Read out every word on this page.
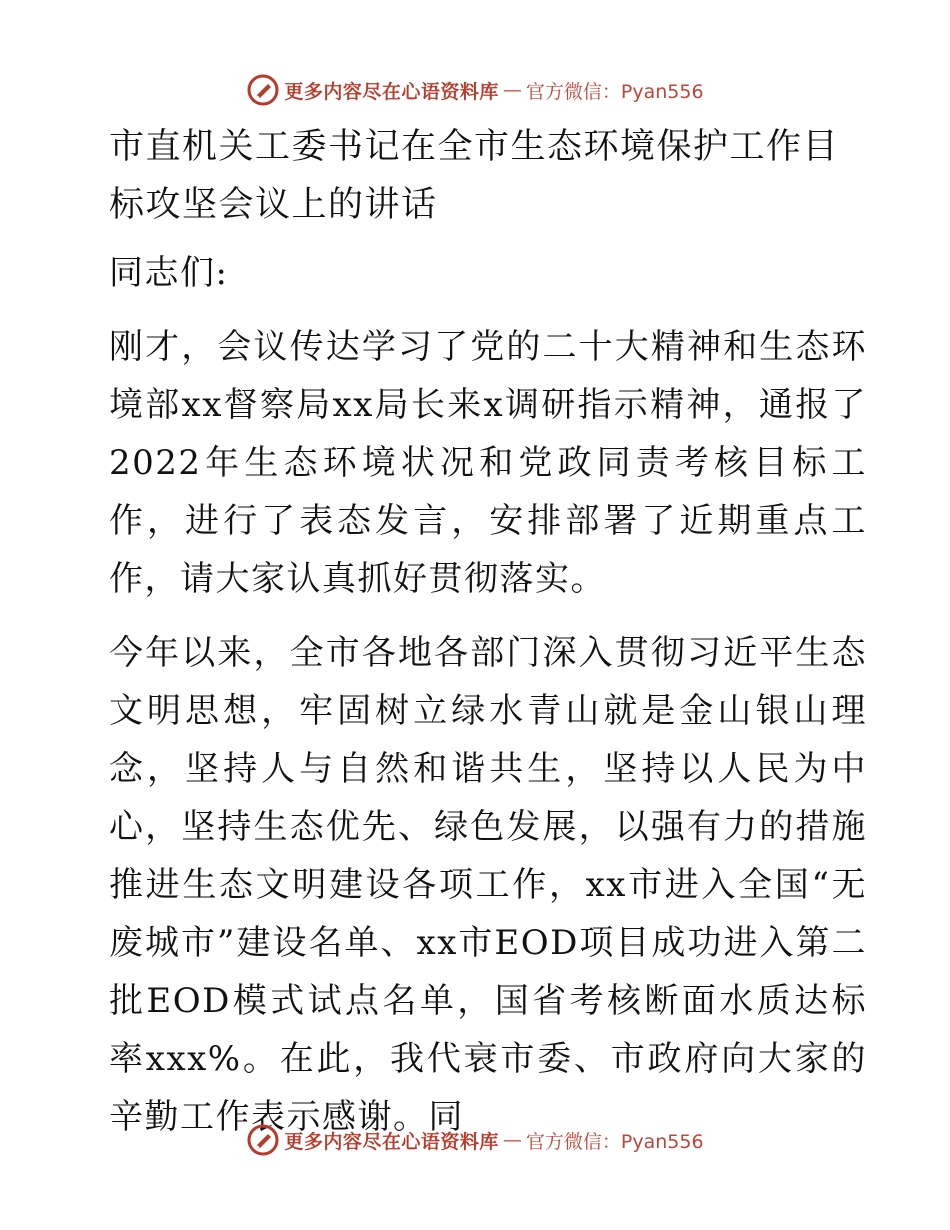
更多内容尽在心语资料库 — 官方微信：Pyan556
市直机关工委书记在全市生态环境保护工作目标攻坚会议上的讲话

同志们:

刚才，会议传达学习了党的二十大精神和生态环境部xx督察局xx局长来x调研指示精神，通报了2022年生态环境状况和党政同责考核目标工作，进行了表态发言，安排部署了近期重点工作，请大家认真抓好贯彻落实。

今年以来，全市各地各部门深入贯彻习近平生态文明思想，牢固树立绿水青山就是金山银山理念，坚持人与自然和谐共生，坚持以人民为中心，坚持生态优先、绿色发展，以强有力的措施推进生态文明建设各项工作，xx市进入全国“无废城市”建设名单、xx市EOD项目成功进入第二批EOD模式试点名单，国省考核断面水质达标率xxx%。在此，我代衰市委、市政府向大家的辛勤工作表示感谢。同

更多内容尽在心语资料库 — 官方微信：Pyan556
